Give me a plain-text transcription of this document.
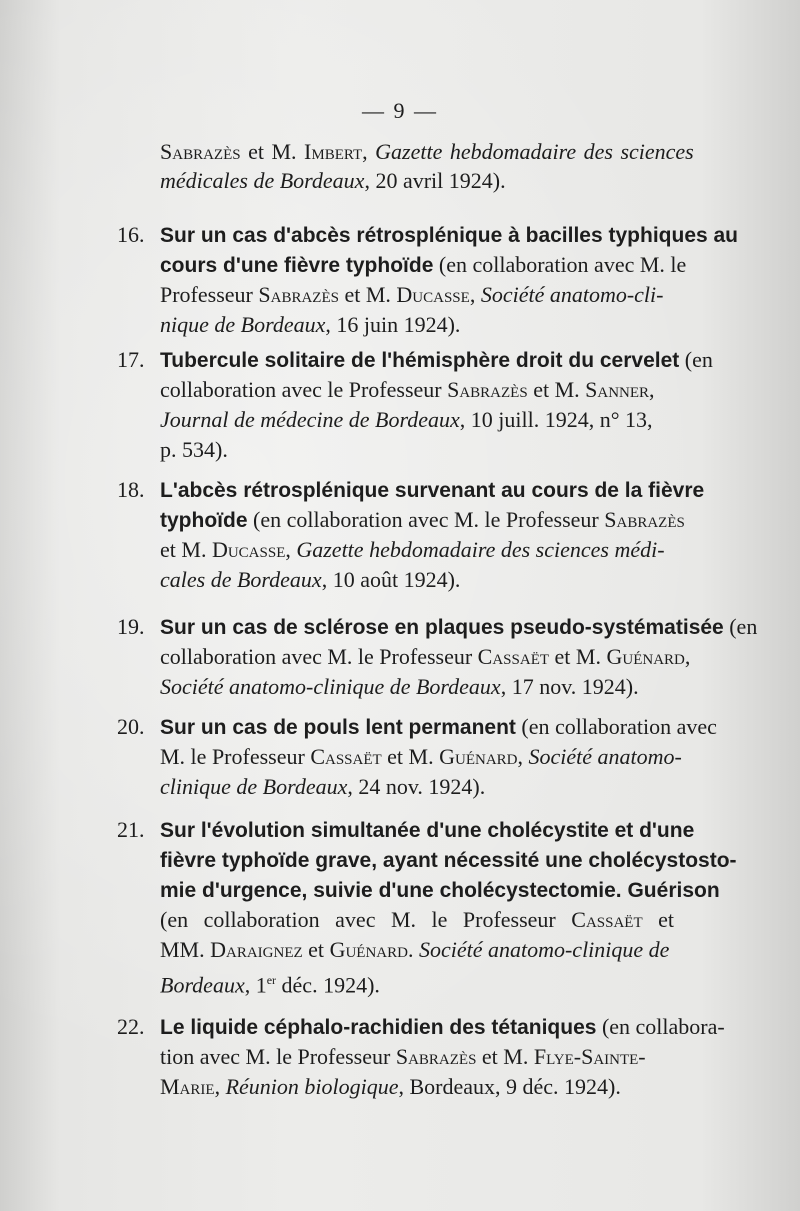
— 9 —
Sabrazès et M. Imbert, Gazette hebdomadaire des sciences
médicales de Bordeaux, 20 avril 1924).
16. Sur un cas d'abcès rétrosplénique à bacilles typhiques au
cours d'une fièvre typhoïde (en collaboration avec M. le
Professeur Sabrazès et M. Ducasse, Société anatomo-cli-
nique de Bordeaux, 16 juin 1924).
17. Tubercule solitaire de l'hémisphère droit du cervelet (en
collaboration avec le Professeur Sabrazès et M. Sanner,
Journal de médecine de Bordeaux, 10 juill. 1924, n° 13,
p. 534).
18. L'abcès rétrosplénique survenant au cours de la fièvre
typhoïde (en collaboration avec M. le Professeur Sabrazès
et M. Ducasse, Gazette hebdomadaire des sciences médi-
cales de Bordeaux, 10 août 1924).
19. Sur un cas de sclérose en plaques pseudo-systématisée (en
collaboration avec M. le Professeur Cassaët et M. Guénard,
Société anatomo-clinique de Bordeaux, 17 nov. 1924).
20. Sur un cas de pouls lent permanent (en collaboration avec
M. le Professeur Cassaët et M. Guénard, Société anatomo-
clinique de Bordeaux, 24 nov. 1924).
21. Sur l'évolution simultanée d'une cholécystite et d'une
fièvre typhoïde grave, ayant nécessité une cholécystostо-
mie d'urgence, suivie d'une cholécystectomie. Guérison
(en collaboration avec M. le Professeur Cassaët et
MM. Daraignez et Guénard. Société anatomo-clinique de
Bordeaux, 1er déc. 1924).
22. Le liquide céphalo-rachidien des tétaniques (en collabora-
tion avec M. le Professeur Sabrazès et M. Flye-Sainte-
Marie, Réunion biologique, Bordeaux, 9 déc. 1924).
